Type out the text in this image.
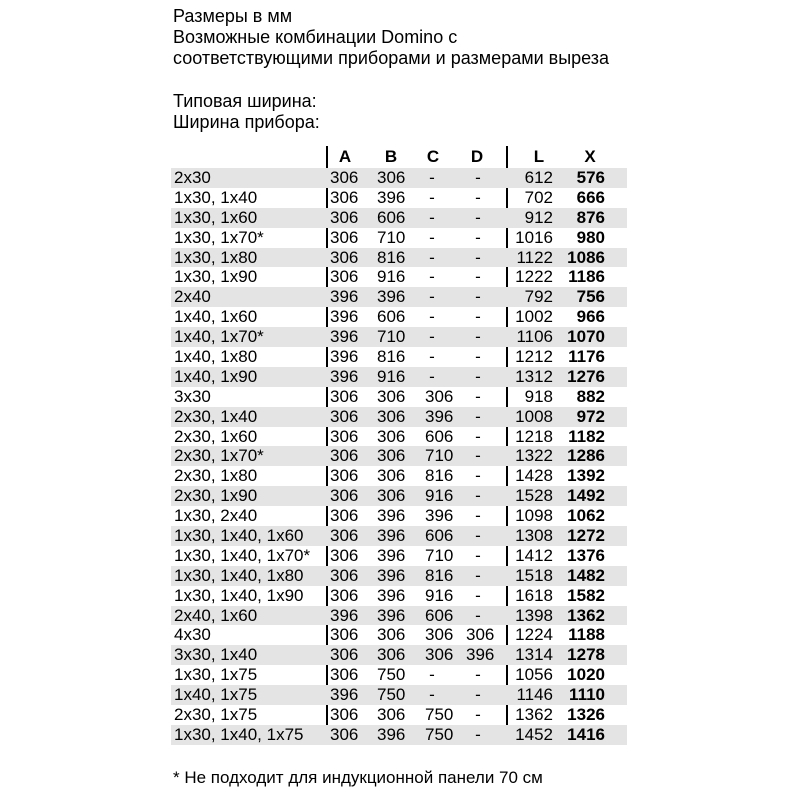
Размеры в мм
Возможные комбинации Domino с
соответствующими приборами и размерами выреза
Типовая ширина:
Ширина прибора:
A	B	C	D	L	X
2x30	306	306	- -	612	576
1x30, 1x40	306	396	- -	702	666
1x30, 1x60	306	606	- -	912	876
1x30, 1x70*	306	710	- - 1016	980
1x30, 1x80	306	816	- -	1122 1086
1x30, 1x90	306	916	- - 1222 1186
2x40	396	396	- -	792	756
1x40, 1x60	396	606	- - 1002	966
1x40, 1x70*	396	710	- -	1106 1070
1x40, 1x80	396	816	- - 1212 1176
1x40, 1x90	396	916	- - 1312 1276
3x30	306	306	306	-	918	882
2x30, 1x40	306	306	396	- 1008	972
2x30, 1x60	306	306	606	- 1218 1182
2x30, 1x70*	306	306	710	- 1322 1286
2x30, 1x80	306	306	816	- 1428 1392
2x30, 1x90	306	306	916	- 1528 1492
1x30, 2x40	306	396	396	- 1098 1062
1x30, 1x40, 1x60 306	396	606	- 1308 1272
1x30, 1x40, 1x70* 306	396	710	- 1412 1376
1x30, 1x40, 1x80 306	396	816	- 1518 1482
1x30, 1x40, 1x90 306	396	916	- 1618 1582
2x40, 1x60	396	396	606	- 1398 1362
4x30	306	306	306 306	1224 1188
3x30, 1x40	306	306	306 396	1314 1278
1x30, 1x75	306	750	- - 1056 1020
1x40, 1x75	396	750	- -	1146 1110
2x30, 1x75	306	306	750	- 1362 1326
1x30, 1x40, 1x75 306	396	750	- 1452 1416
* Не подходит для индукционной панели 70 см
